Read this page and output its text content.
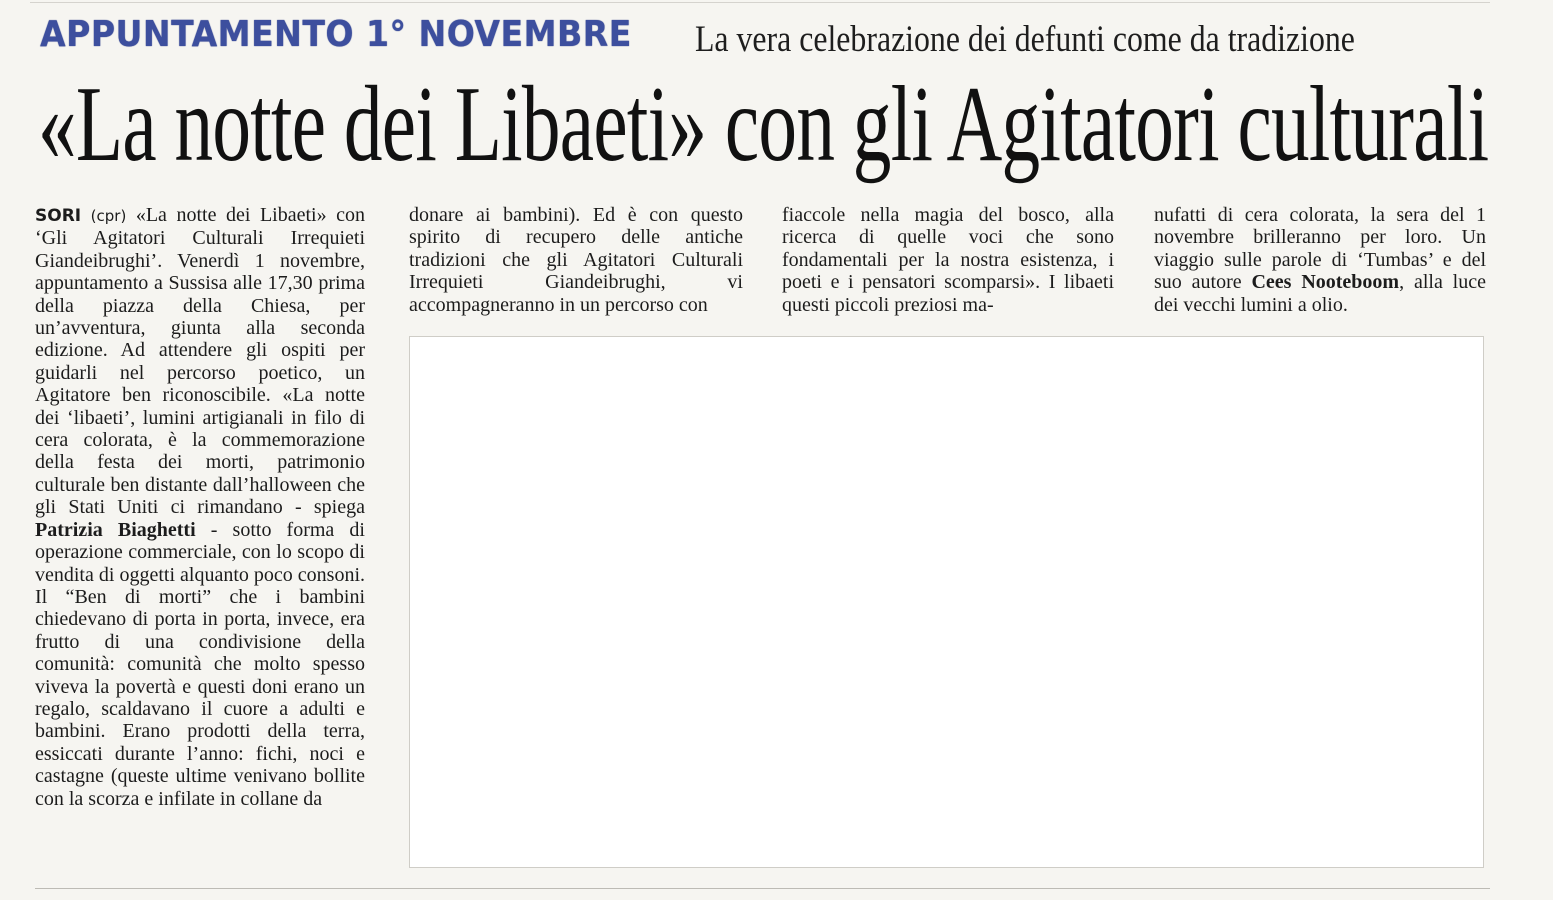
APPUNTAMENTO 1° NOVEMBRE La vera celebrazione dei defunti come da tradizione
«La notte dei Libaeti» con gli Agitatori culturali

SORI (cpr) «La notte dei Libaeti» con ‘Gli Agitatori Culturali Irrequieti Giandeibrughi’. Venerdì 1 novembre, appuntamento a Sussisa alle 17,30 prima della piazza della Chiesa, per un’avventura, giunta alla seconda edizione. Ad attendere gli ospiti per guidarli nel percorso poetico, un Agitatore ben riconoscibile. «La notte dei ‘libaeti’, lumini artigianali in filo di cera colorata, è la commemorazione della festa dei morti, patrimonio culturale ben distante dall’halloween che gli Stati Uniti ci rimandano - spiega Patrizia Biaghetti - sotto forma di operazione commerciale, con lo scopo di vendita di oggetti alquanto poco consoni. Il “Ben di morti” che i bambini chiedevano di porta in porta, invece, era frutto di una condivisione della comunità: comunità che molto spesso viveva la povertà e questi doni erano un regalo, scaldavano il cuore a adulti e bambini. Erano prodotti della terra, essiccati durante l’anno: fichi, noci e castagne (queste ultime venivano bollite con la scorza e infilate in collane da

donare ai bambini). Ed è con questo spirito di recupero delle antiche tradizioni che gli Agitatori Culturali Irrequieti Giandeibrughi, vi accompagneranno in un percorso con

fiaccole nella magia del bosco, alla ricerca di quelle voci che sono fondamentali per la nostra esistenza, i poeti e i pensatori scomparsi». I libaeti questi piccoli preziosi ma-

nufatti di cera colorata, la sera del 1 novembre brilleranno per loro. Un viaggio sulle parole di ‘Tumbas’ e del suo autore Cees Nooteboom, alla luce dei vecchi lumini a olio.
